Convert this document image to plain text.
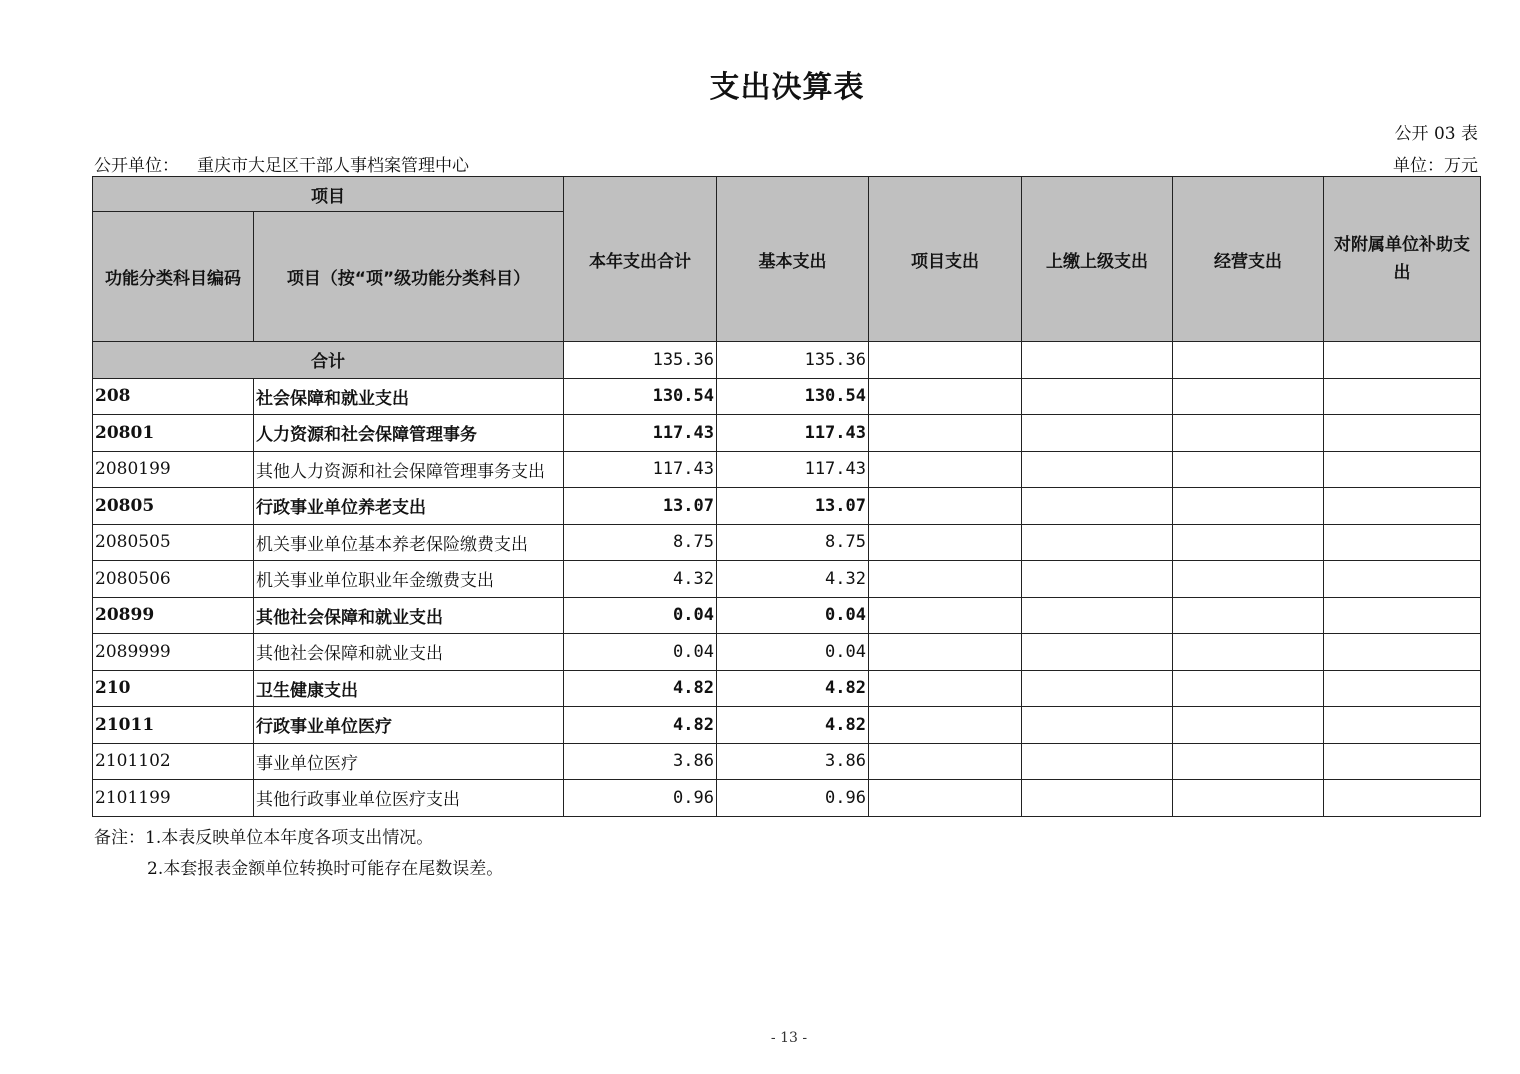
支出决算表
公开 03 表
公开单位： 重庆市大足区干部人事档案管理中心	单位：万元
项目		本年支出合计	基本支出	项目支出	上缴上级支出	经营支出	对附属单位补助支出
功能分类科目编码	项目（按“项”级功能分类科目）						
合计		135.36	135.36				
208	社会保障和就业支出	130.54	130.54				
20801	人力资源和社会保障管理事务	117.43	117.43				
2080199	其他人力资源和社会保障管理事务支出	117.43	117.43				
20805	行政事业单位养老支出	13.07	13.07				
2080505	机关事业单位基本养老保险缴费支出	8.75	8.75				
2080506	机关事业单位职业年金缴费支出	4.32	4.32				
20899	其他社会保障和就业支出	0.04	0.04				
2089999	其他社会保障和就业支出	0.04	0.04				
210	卫生健康支出	4.82	4.82				
21011	行政事业单位医疗	4.82	4.82				
2101102	事业单位医疗	3.86	3.86				
2101199	其他行政事业单位医疗支出	0.96	0.96				
备注：1.本表反映单位本年度各项支出情况。
2.本套报表金额单位转换时可能存在尾数误差。
- 13 -
